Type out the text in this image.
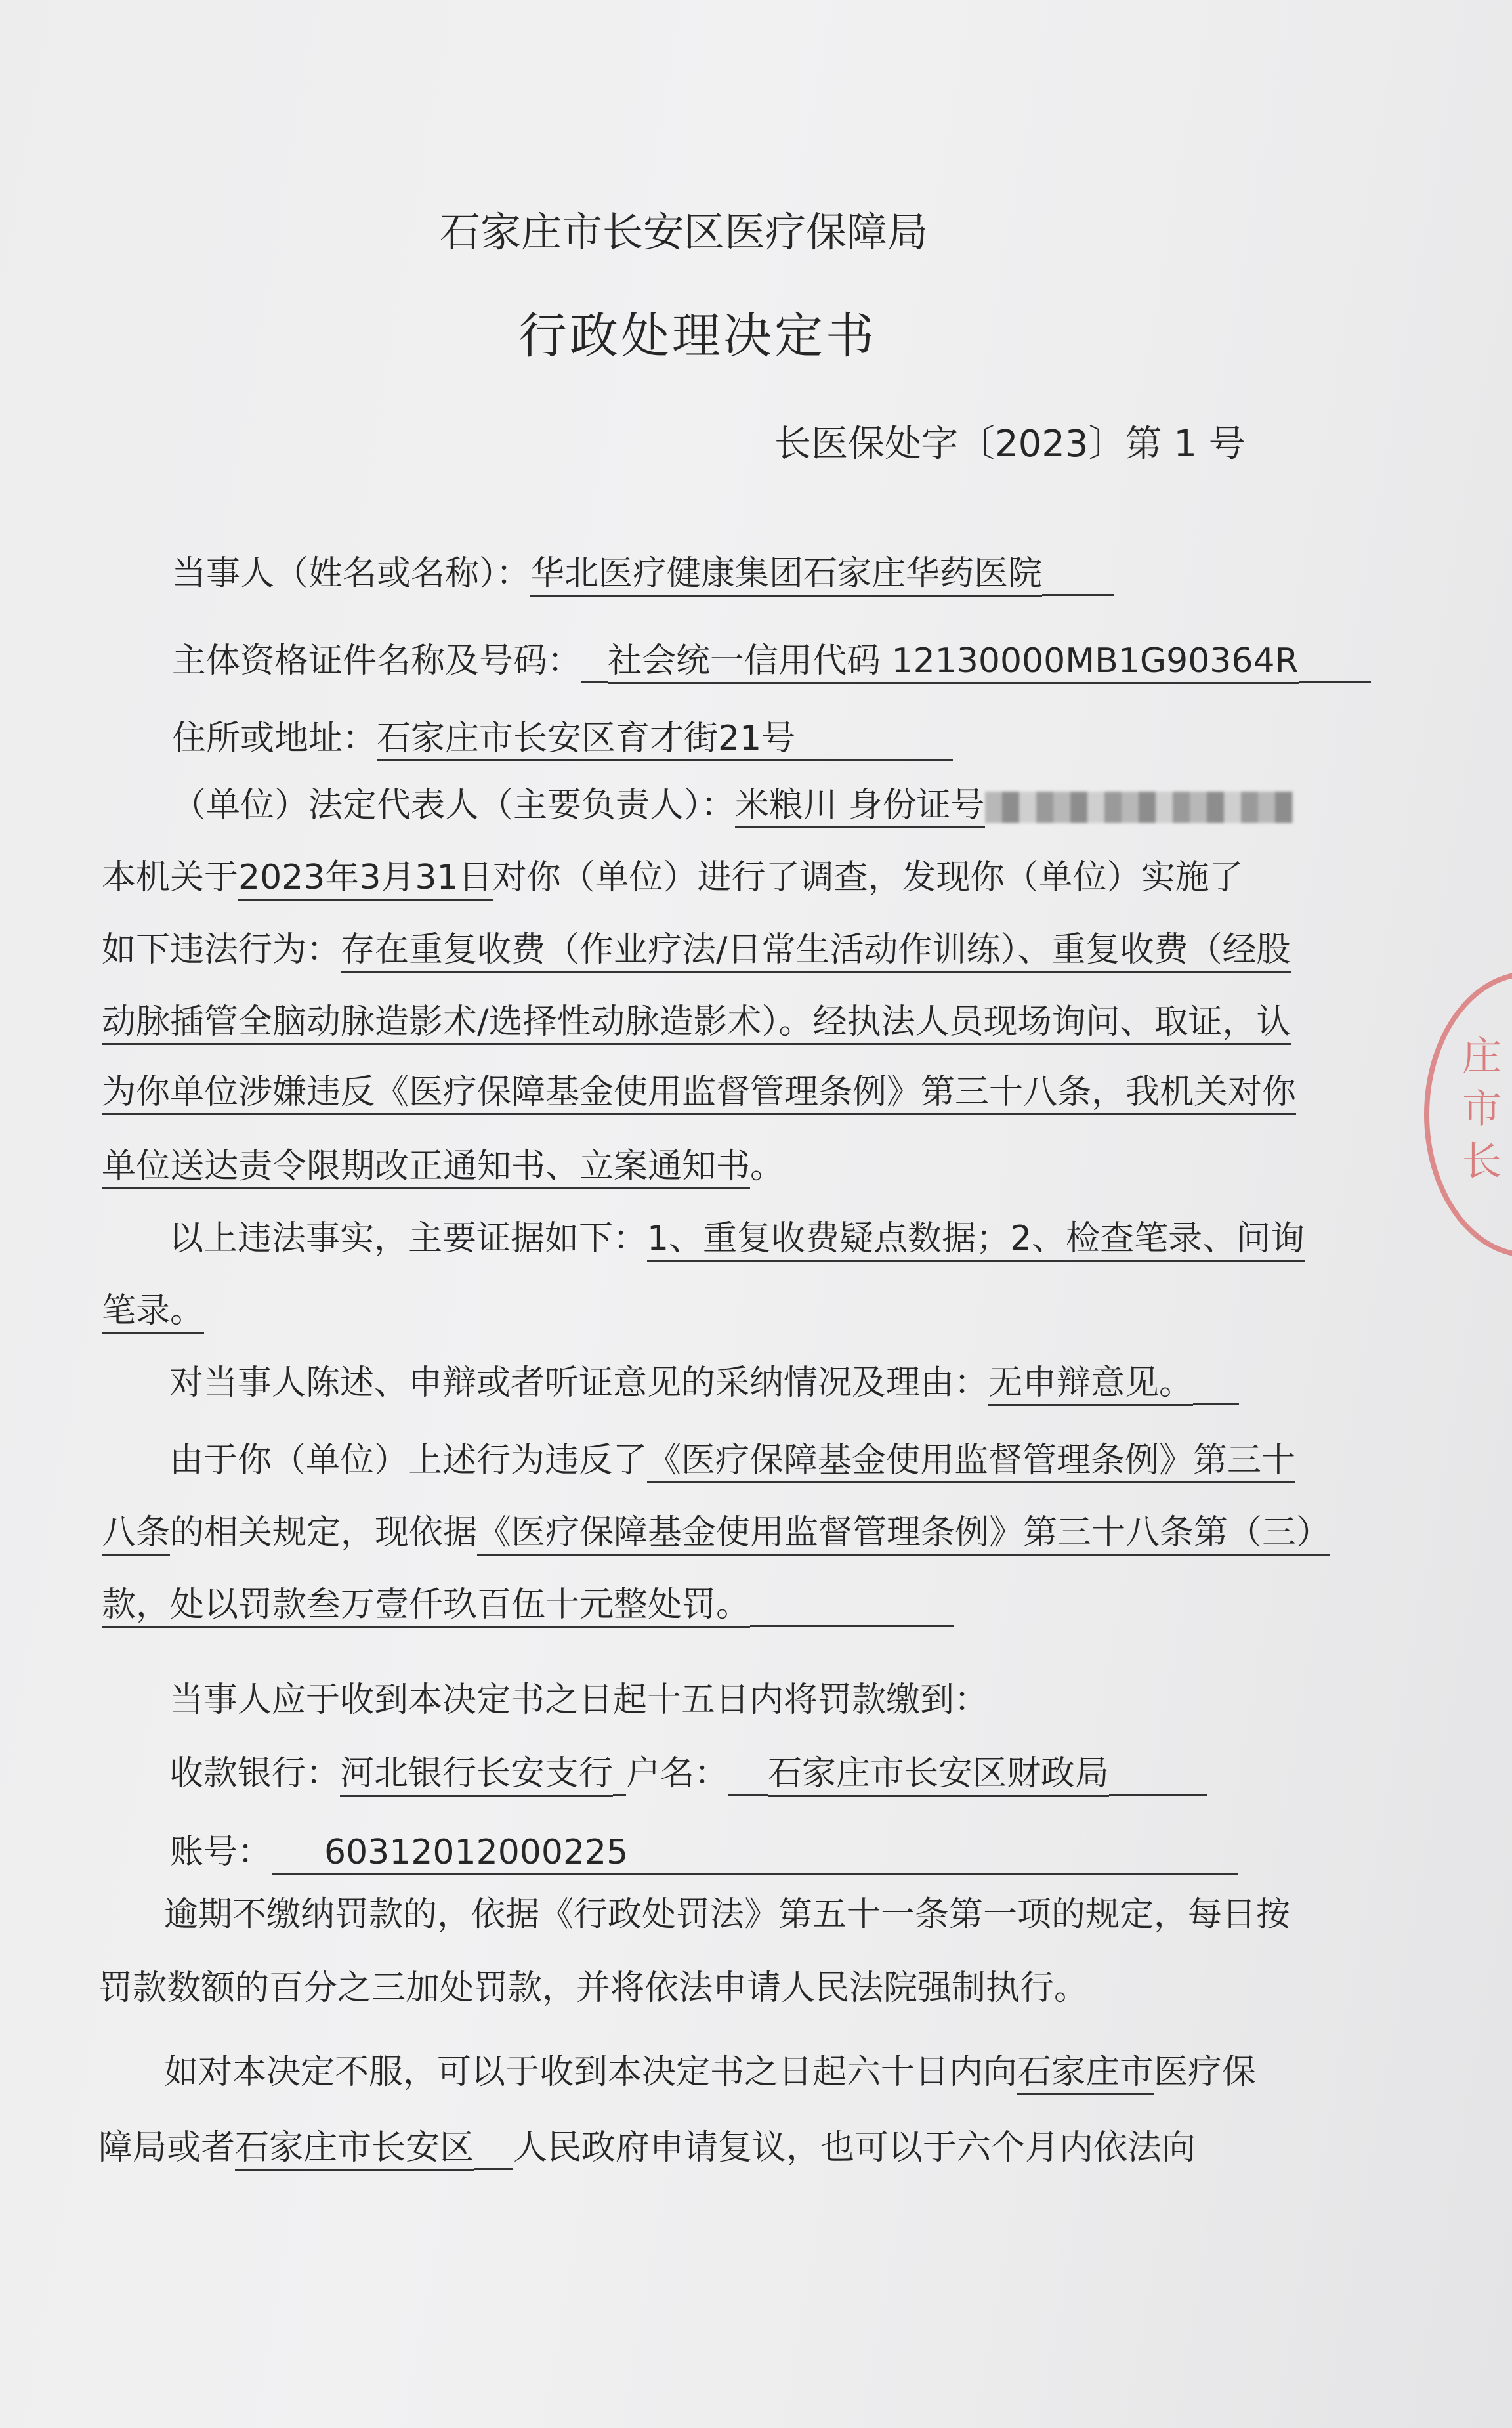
石家庄市长安区医疗保障局
行政处理决定书
长医保处字〔2023〕第 1 号
当事人（姓名或名称）：华北医疗健康集团石家庄华药医院
主体资格证件名称及号码： 社会统一信用代码 12130000MB1G90364R
住所或地址：石家庄市长安区育才街21号
（单位）法定代表人（主要负责人）：米粮川 身份证号
本机关于2023年3月31日对你（单位）进行了调查，发现你（单位）实施了
如下违法行为：存在重复收费（作业疗法/日常生活动作训练）、重复收费（经股
动脉插管全脑动脉造影术/选择性动脉造影术）。经执法人员现场询问、取证，认
为你单位涉嫌违反《医疗保障基金使用监督管理条例》第三十八条，我机关对你
单位送达责令限期改正通知书、立案通知书。
以上违法事实，主要证据如下：1、重复收费疑点数据；2、检查笔录、问询
笔录。
对当事人陈述、申辩或者听证意见的采纳情况及理由：无申辩意见。
由于你（单位）上述行为违反了《医疗保障基金使用监督管理条例》第三十
八条的相关规定，现依据《医疗保障基金使用监督管理条例》第三十八条第（三）
款，处以罚款叁万壹仟玖百伍十元整处罚。
当事人应于收到本决定书之日起十五日内将罚款缴到：
收款银行：河北银行长安支行 户名： 石家庄市长安区财政局
账号： 60312012000225
逾期不缴纳罚款的，依据《行政处罚法》第五十一条第一项的规定，每日按
罚款数额的百分之三加处罚款，并将依法申请人民法院强制执行。
如对本决定不服，可以于收到本决定书之日起六十日内向石家庄市医疗保
障局或者石家庄市长安区 人民政府申请复议，也可以于六个月内依法向
庄市长
